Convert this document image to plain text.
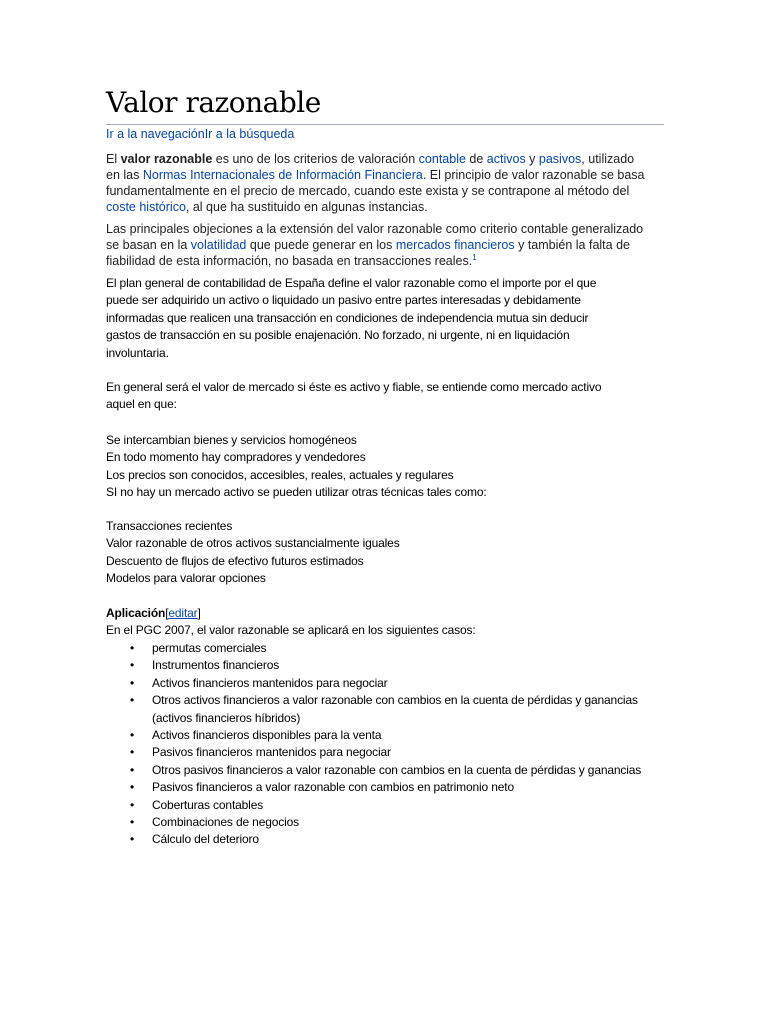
Valor razonable
Ir a la navegaciónIr a la búsqueda

El valor razonable es uno de los criterios de valoración contable de activos y pasivos, utilizado en las Normas Internacionales de Información Financiera. El principio de valor razonable se basa fundamentalmente en el precio de mercado, cuando este exista y se contrapone al método del coste histórico, al que ha sustituido en algunas instancias.

Las principales objeciones a la extensión del valor razonable como criterio contable generalizado se basan en la volatilidad que puede generar en los mercados financieros y también la falta de fiabilidad de esta información, no basada en transacciones reales.$^1$

El plan general de contabilidad de España define el valor razonable como el importe por el que
puede ser adquirido un activo o liquidado un pasivo entre partes interesadas y debidamente
informadas que realicen una transacción en condiciones de independencia mutua sin deducir
gastos de transacción en su posible enajenación. No forzado, ni urgente, ni en liquidación
involuntaria.
En general será el valor de mercado si éste es activo y fiable, se entiende como mercado activo
aquel en que:
Se intercambian bienes y servicios homogéneos
En todo momento hay compradores y vendedores
Los precios son conocidos, accesibles, reales, actuales y regulares
SI no hay un mercado activo se pueden utilizar otras técnicas tales como:
Transacciones recientes
Valor razonable de otros activos sustancialmente iguales
Descuento de flujos de efectivo futuros estimados
Modelos para valorar opciones
Aplicación[editar]
En el PGC 2007, el valor razonable se aplicará en los siguientes casos:
• permutas comerciales
• Instrumentos financieros
• Activos financieros mantenidos para negociar
• Otros activos financieros a valor razonable con cambios en la cuenta de pérdidas y ganancias (activos financieros híbridos)
• Activos financieros disponibles para la venta
• Pasivos financieros mantenidos para negociar
• Otros pasivos financieros a valor razonable con cambios en la cuenta de pérdidas y ganancias
• Pasivos financieros a valor razonable con cambios en patrimonio neto
• Coberturas contables
• Combinaciones de negocios
• Cálculo del deterioro
